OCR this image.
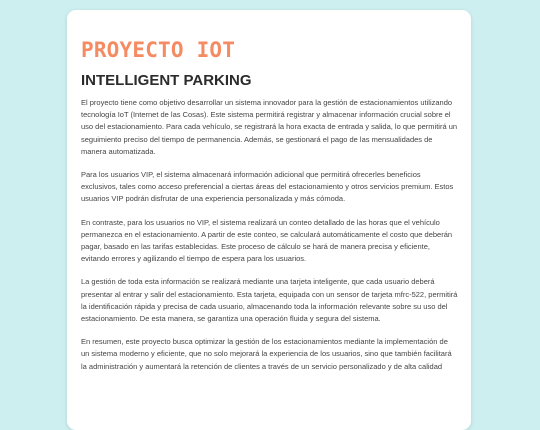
PROYECTO IOT
INTELLIGENT PARKING

El proyecto tiene como objetivo desarrollar un sistema innovador para la gestión de estacionamientos utilizando tecnología IoT (Internet de las Cosas). Este sistema permitirá registrar y almacenar información crucial sobre el uso del estacionamiento. Para cada vehículo, se registrará la hora exacta de entrada y salida, lo que permitirá un seguimiento preciso del tiempo de permanencia. Además, se gestionará el pago de las mensualidades de manera automatizada.

Para los usuarios VIP, el sistema almacenará información adicional que permitirá ofrecerles beneficios exclusivos, tales como acceso preferencial a ciertas áreas del estacionamiento y otros servicios premium. Estos usuarios VIP podrán disfrutar de una experiencia personalizada y más cómoda.

En contraste, para los usuarios no VIP, el sistema realizará un conteo detallado de las horas que el vehículo permanezca en el estacionamiento. A partir de este conteo, se calculará automáticamente el costo que deberán pagar, basado en las tarifas establecidas. Este proceso de cálculo se hará de manera precisa y eficiente, evitando errores y agilizando el tiempo de espera para los usuarios.

La gestión de toda esta información se realizará mediante una tarjeta inteligente, que cada usuario deberá presentar al entrar y salir del estacionamiento. Esta tarjeta, equipada con un sensor de tarjeta mfrc-522, permitirá la identificación rápida y precisa de cada usuario, almacenando toda la información relevante sobre su uso del estacionamiento. De esta manera, se garantiza una operación fluida y segura del sistema.

En resumen, este proyecto busca optimizar la gestión de los estacionamientos mediante la implementación de un sistema moderno y eficiente, que no solo mejorará la experiencia de los usuarios, sino que también facilitará la administración y aumentará la retención de clientes a través de un servicio personalizado y de alta calidad
